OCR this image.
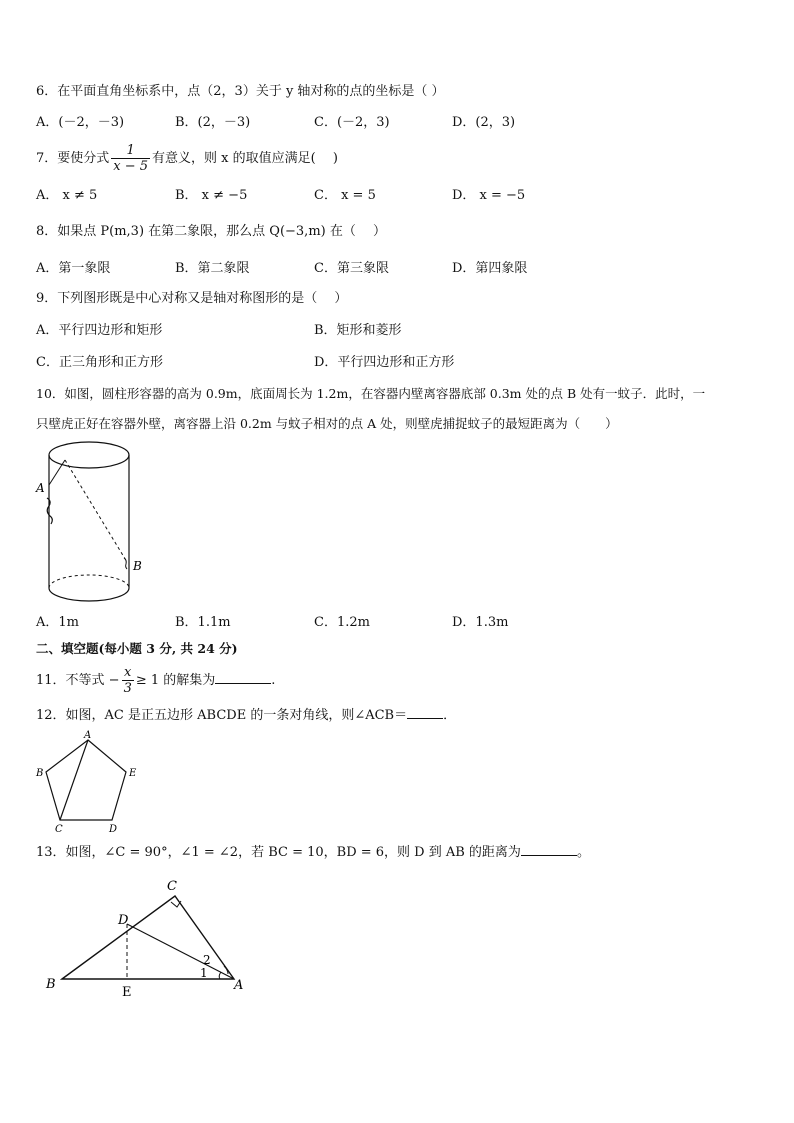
6．在平面直角坐标系中，点（2，3）关于 y 轴对称的点的坐标是（ ）
A．(－2，－3)	B．(2，－3)	C．(－2，3)	D．(2，3)
7．要使分式 $\frac{1}{x - 5}$ 有意义，则 x 的取值应满足(　 )
A． x ≠ 5	B． x ≠ −5	C． x = 5	D． x = −5
8．如果点 P(m,3) 在第二象限，那么点 Q(−3,m) 在（　 ）
A．第一象限	B．第二象限	C．第三象限	D．第四象限
9．下列图形既是中心对称又是轴对称图形的是（　 ）
A．平行四边形和矩形	B．矩形和菱形
C．正三角形和正方形	D．平行四边形和正方形
10．如图，圆柱形容器的高为 0.9m，底面周长为 1.2m，在容器内壁离容器底部 0.3m 处的点 B 处有一蚊子．此时，一
只壁虎正好在容器外壁，离容器上沿 0.2m 与蚊子相对的点 A 处，则壁虎捕捉蚊子的最短距离为（　　）
A
B
A．1m	B．1.1m	C．1.2m	D．1.3m
二、填空题(每小题 3 分, 共 24 分)
11．不等式 − $\frac{x}{3} \ge 1$ 的解集为	.
12．如图，AC 是正五边形 ABCDE 的一条对角线，则∠ACB＝	．
A
B
C	D
E
13．如图，∠C = 90°，∠1 = ∠2，若 BC = 10，BD = 6，则 D 到 AB 的距离为	。
B
C
D
E	A
1
2
